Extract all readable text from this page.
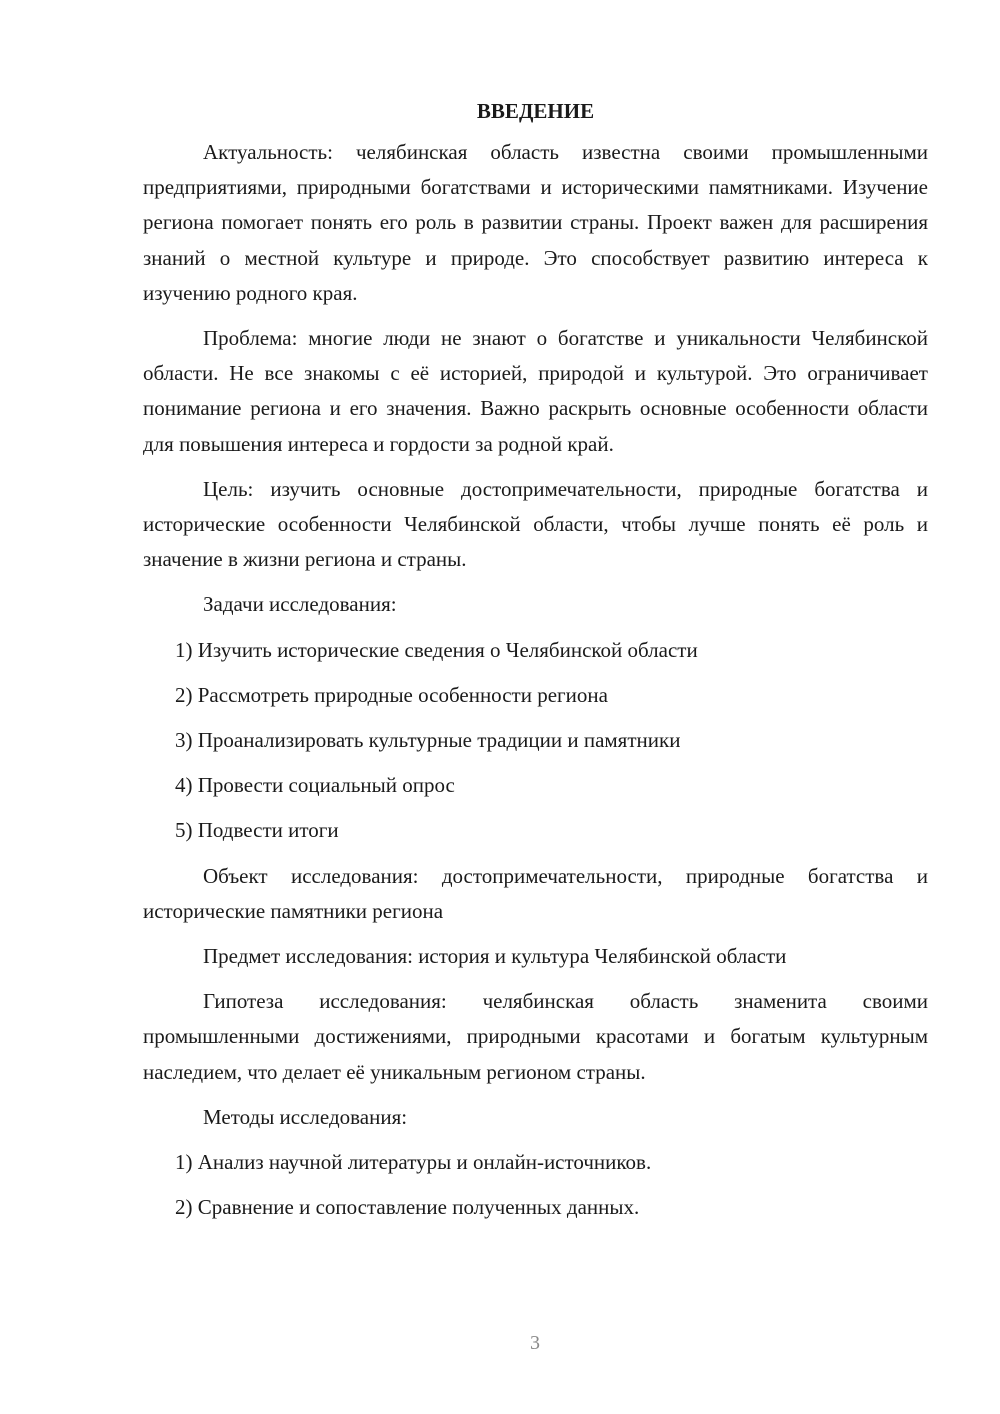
ВВЕДЕНИЕ

Актуальность: челябинская область известна своими промышленными предприятиями, природными богатствами и историческими памятниками. Изучение региона помогает понять его роль в развитии страны. Проект важен для расширения знаний о местной культуре и природе. Это способствует развитию интереса к изучению родного края.

Проблема: многие люди не знают о богатстве и уникальности Челябинской области. Не все знакомы с её историей, природой и культурой. Это ограничивает понимание региона и его значения. Важно раскрыть основные особенности области для повышения интереса и гордости за родной край.

Цель: изучить основные достопримечательности, природные богатства и исторические особенности Челябинской области, чтобы лучше понять её роль и значение в жизни региона и страны.

Задачи исследования:

1) Изучить исторические сведения о Челябинской области
2) Рассмотреть природные особенности региона
3) Проанализировать культурные традиции и памятники
4) Провести социальный опрос
5) Подвести итоги

Объект исследования: достопримечательности, природные богатства и исторические памятники региона

Предмет исследования: история и культура Челябинской области

Гипотеза исследования: челябинская область знаменита своими промышленными достижениями, природными красотами и богатым культурным наследием, что делает её уникальным регионом страны.

Методы исследования:

1) Анализ научной литературы и онлайн-источников.
2) Сравнение и сопоставление полученных данных.
3
